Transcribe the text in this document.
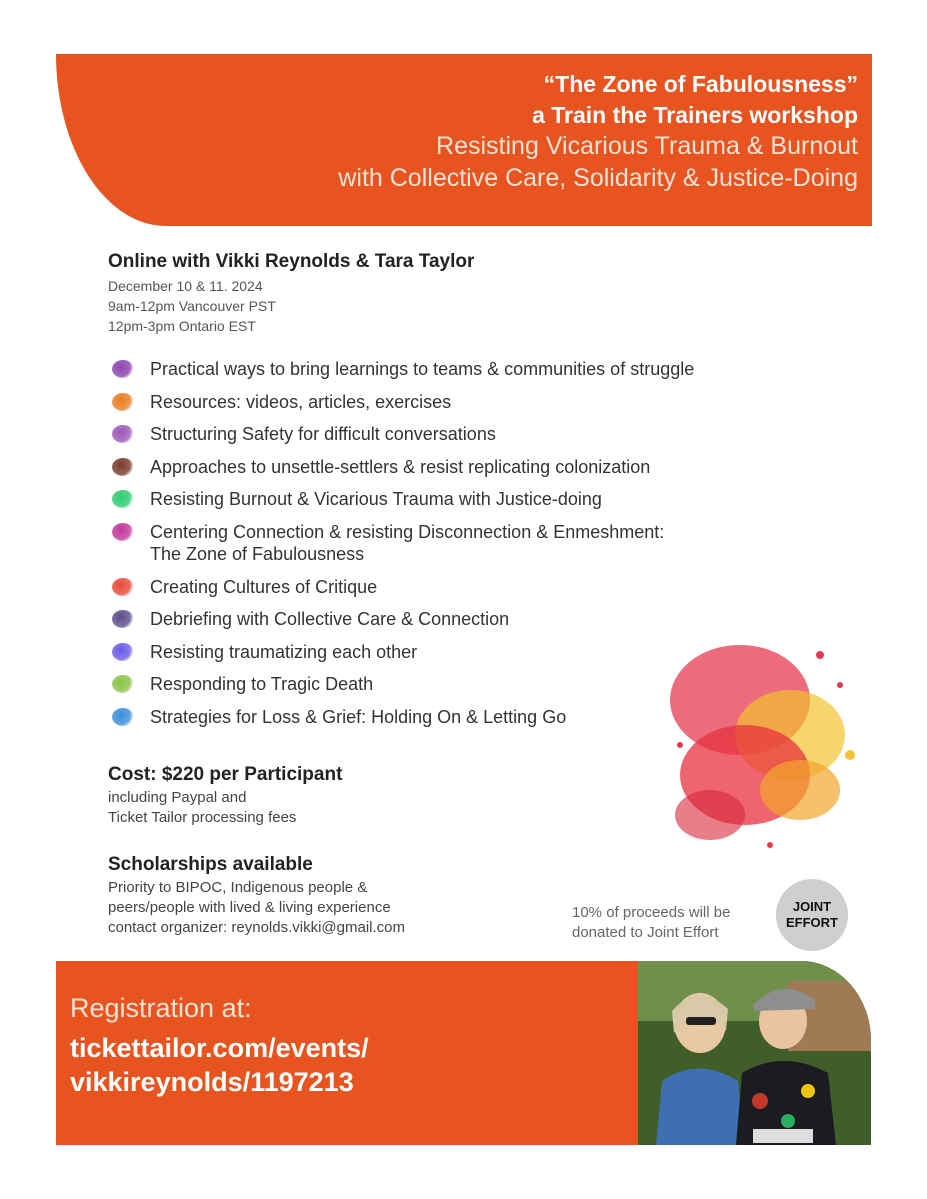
“The Zone of Fabulousness”
a Train the Trainers workshop
Resisting Vicarious Trauma & Burnout
with Collective Care, Solidarity & Justice-Doing
Online with Vikki Reynolds & Tara Taylor
December 10 & 11. 2024
9am-12pm Vancouver PST
12pm-3pm Ontario EST
Practical ways to bring learnings to teams & communities of struggle
Resources: videos, articles, exercises
Structuring Safety for difficult conversations
Approaches to unsettle-settlers & resist replicating colonization
Resisting Burnout & Vicarious Trauma with Justice-doing
Centering Connection & resisting Disconnection & Enmeshment:
The Zone of Fabulousness
Creating Cultures of Critique
Debriefing with Collective Care & Connection
Resisting traumatizing each other
Responding to Tragic Death
Strategies for Loss & Grief: Holding On & Letting Go
Cost: $220 per Participant
including Paypal and
Ticket Tailor processing fees
Scholarships available
Priority to BIPOC, Indigenous people &
peers/people with lived & living experience
contact organizer: reynolds.vikki@gmail.com
10% of proceeds will be
donated to Joint Effort
JOINT
EFFORT
Registration at:
tickettailor.com/events/
vikkireynolds/1197213
